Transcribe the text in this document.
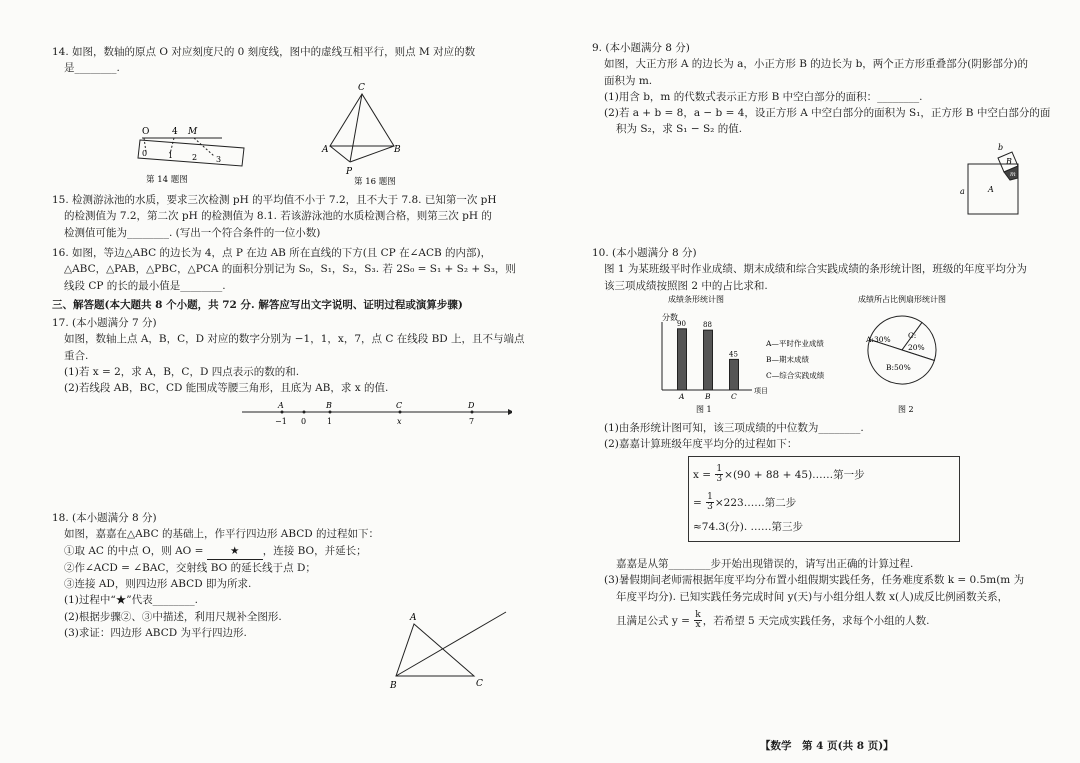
14. 如图，数轴的原点 O 对应刻度尺的 0 刻度线，图中的虚线互相平行，则点 M 对应的数
是________.
O	4 M
0	1 2 3
第 14 题图
C
A	B
P
第 16 题图
15. 检测游泳池的水质，要求三次检测 pH 的平均值不小于 7.2，且不大于 7.8. 已知第一次 pH
的检测值为 7.2，第二次 pH 的检测值为 8.1. 若该游泳池的水质检测合格，则第三次 pH 的
检测值可能为________. (写出一个符合条件的一位小数)
16. 如图，等边△ABC 的边长为 4，点 P 在边 AB 所在直线的下方(且 CP 在∠ACB 的内部)，
△ABC，△PAB，△PBC，△PCA 的面积分别记为 S₀，S₁，S₂，S₃. 若 2S₀ = S₁ + S₂ + S₃，则
线段 CP 的长的最小值是________.
三、解答题(本大题共 8 个小题，共 72 分. 解答应写出文字说明、证明过程或演算步骤)
17. (本小题满分 7 分)
如图，数轴上点 A，B，C，D 对应的数字分别为 −1，1，x，7，点 C 在线段 BD 上，且不与端点
重合.
(1)若 x = 2，求 A，B，C，D 四点表示的数的和.
(2)若线段 AB，BC，CD 能围成等腰三角形，且底为 AB，求 x 的值.
A	B	C	D
−1 0	1	x	7
18. (本小题满分 8 分)
如图，嘉嘉在△ABC 的基础上，作平行四边形 ABCD 的过程如下：
①取 AC 的中点 O，则 AO = ★ ，连接 BO，并延长；
②作∠ACD = ∠BAC，交射线 BO 的延长线于点 D；
③连接 AD，则四边形 ABCD 即为所求.
(1)过程中“★”代表________.
(2)根据步骤②、③中描述，利用尺规补全图形.
(3)求证：四边形 ABCD 为平行四边形.
A
B	C
9. (本小题满分 8 分)
如图，大正方形 A 的边长为 a，小正方形 B 的边长为 b，两个正方形重叠部分(阴影部分)的
面积为 m.
(1)用含 b，m 的代数式表示正方形 B 中空白部分的面积：________.
(2)若 a + b = 8，a − b = 4，设正方形 A 中空白部分的面积为 S₁，正方形 B 中空白部分的面
积为 S₂，求 S₁ − S₂ 的值.
b
B
m
A
a
10. (本小题满分 8 分)
图 1 为某班级平时作业成绩、期末成绩和综合实践成绩的条形统计图，班级的年度平均分为
该三项成绩按照图 2 中的占比求和.
成绩条形统计图
分数
项目
90
A
88
B
45
C
A—平时作业成绩
B—期末成绩
C—综合实践成绩
图 1
成绩所占比例扇形统计图
A:30% C:
20%
B:50%
图 2
(1)由条形统计图可知，该三项成绩的中位数为________.
(2)嘉嘉计算班级年度平均分的过程如下：
$x = \frac{1}{3} \times(90 + 88$ + 45)……第一步
= $\frac{1}{3}$ ×223……第二步
≈74.3(分). ……第三步
嘉嘉是从第________步开始出现错误的，请写出正确的计算过程.
(3)暑假期间老师需根据年度平均分布置小组假期实践任务，任务难度系数 k = 0.5m(m 为
年度平均分). 已知实践任务完成时间 y(天)与小组分组人数 x(人)成反比例函数关系，
且满足公式 $y = \frac{k}{x}$ ，若希望 5 天完成实践任务，求每个小组的人数.
【数学　第 4 页(共 8 页)】
